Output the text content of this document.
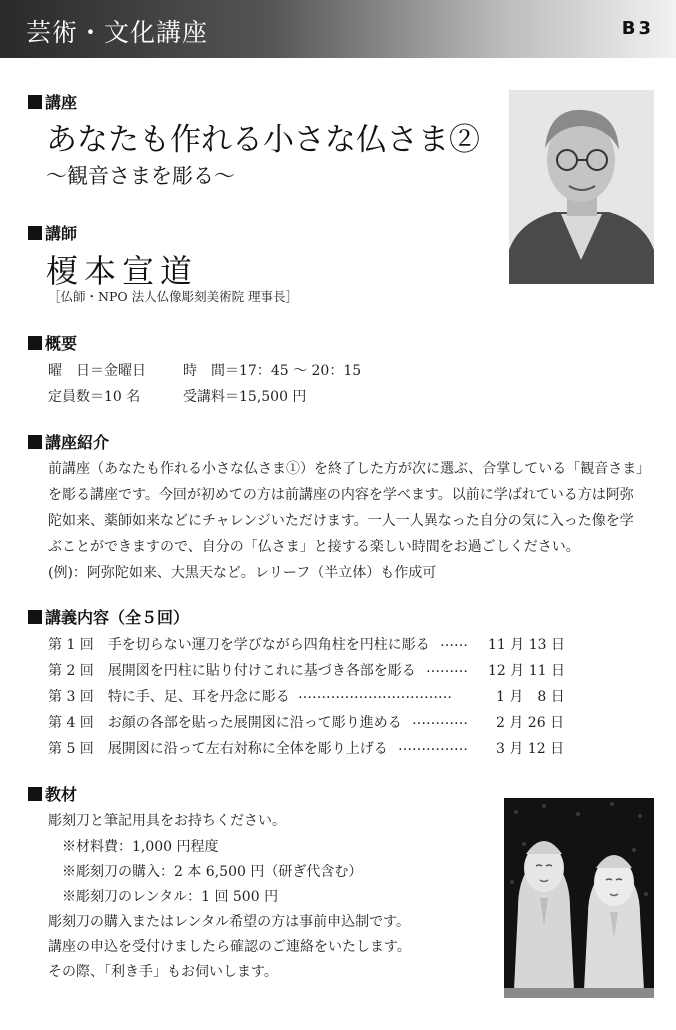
芸術・文化講座	B3
講座
あなたも作れる小さな仏さま②
〜観音さまを彫る〜
講師
榎本宣道
［仏師・NPO 法人仏像彫刻美術院 理事長］
概要
曜　日＝金曜日	時　間＝17：45 〜 20：15
定員数＝10 名	受講料＝15,500 円
講座紹介
前講座（あなたも作れる小さな仏さま①）を終了した方が次に選ぶ、合掌している「観音さま」
を彫る講座です。今回が初めての方は前講座の内容を学べます。以前に学ばれている方は阿弥
陀如来、薬師如来などにチャレンジいただけます。一人一人異なった自分の気に入った像を学
ぶことができますので、自分の「仏さま」と接する楽しい時間をお過ごしください。
(例)：阿弥陀如来、大黒天など。レリーフ（半立体）も作成可
講義内容（全５回）
第 1 回　 手を切らない運刀を学びながら四角柱を円柱に彫る …… 11 月 13 日
第 2 回　 展開図を円柱に貼り付けこれに基づき各部を彫る ……… 12 月 11 日
第 3 回　 特に手、足、耳を丹念に彫る ……………………………	1 月　8 日
第 4 回　 お顔の各部を貼った展開図に沿って彫り進める ………… 2 月 26 日
第 5 回　 展開図に沿って左右対称に全体を彫り上げる …………… 3 月 12 日
教材
彫刻刀と筆記用具をお持ちください。
※材料費：1,000 円程度
※彫刻刀の購入：2 本 6,500 円（研ぎ代含む）
※彫刻刀のレンタル：1 回 500 円
彫刻刀の購入またはレンタル希望の方は事前申込制です。
講座の申込を受付けましたら確認のご連絡をいたします。
その際、「利き手」もお伺いします。
